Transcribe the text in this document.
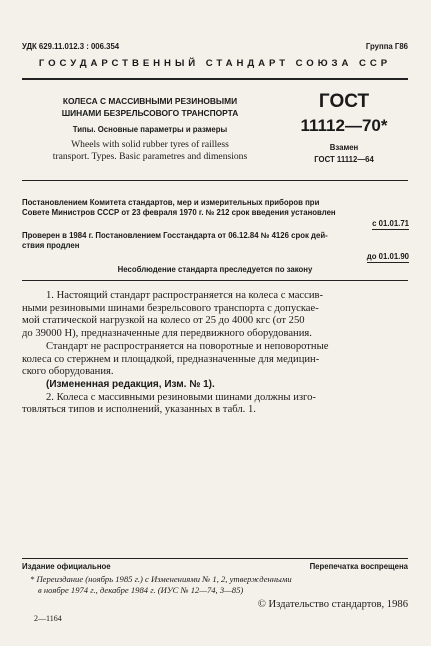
УДК 629.11.012.3 : 006.354	Группа Г86
ГОСУДАРСТВЕННЫЙ СТАНДАРТ СОЮЗА ССР
КОЛЕСА С МАССИВНЫМИ РЕЗИНОВЫМИ
ШИНАМИ БЕЗРЕЛЬСОВОГО ТРАНСПОРТА
Типы. Основные параметры и размеры
Wheels with solid rubber tyres of railless
transport. Types. Basic parametres and dimensions
ГОСТ
11112—70*
Взамен
ГОСТ 11112—64
Постановлением Комитета стандартов, мер и измерительных приборов при
Совете Министров СССР от 23 февраля 1970 г. № 212 срок введения установлен
с 01.01.71
Проверен в 1984 г. Постановлением Госстандарта от 06.12.84 № 4126 срок дей-
ствия продлен
до 01.01.90
Несоблюдение стандарта преследуется по закону
1. Настоящий стандарт распространяется на колеса с массив-
ными резиновыми шинами безрельсового транспорта с допускае-
мой статической нагрузкой на колесо от 25 до 4000 кгс (от 250
до 39000 Н), предназначенные для передвижного оборудования.
Стандарт не распространяется на поворотные и неповоротные
колеса со стержнем и площадкой, предназначенные для медицин-
ского оборудования.
(Измененная редакция, Изм. № 1).
2. Колеса с массивными резиновыми шинами должны изго-
товляться типов и исполнений, указанных в табл. 1.
Издание официальное	Перепечатка воспрещена
* Переиздание (ноябрь 1985 г.) с Изменениями № 1, 2, утвержденными
в ноябре 1974 г., декабре 1984 г. (ИУС № 12—74, 3—85)
© Издательство стандартов, 1986
2—1164
